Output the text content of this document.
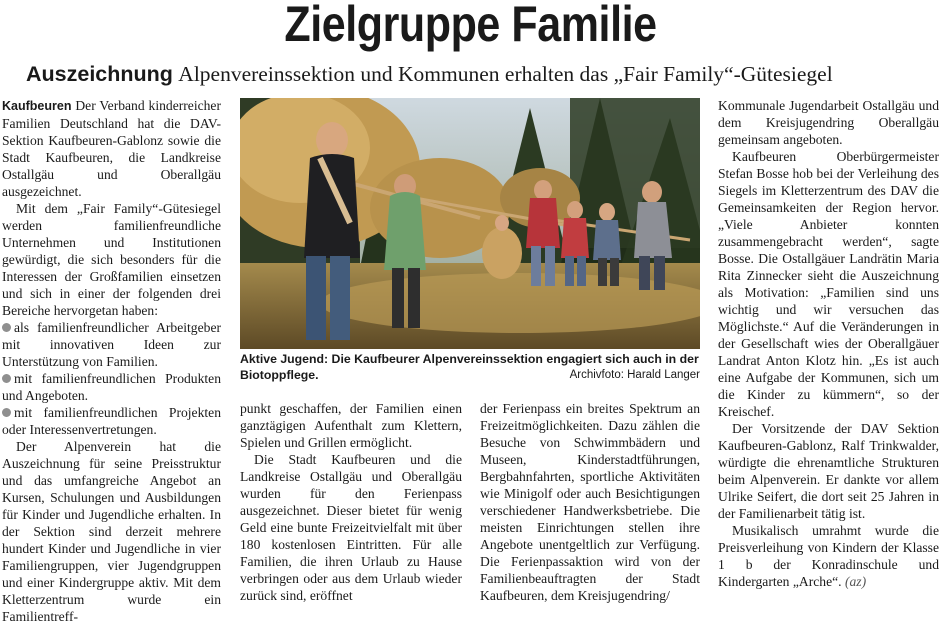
Zielgruppe Familie
Auszeichnung Alpenvereinssektion und Kommunen erhalten das „Fair Family“-Gütesiegel

Kaufbeuren Der Verband kinderreicher Familien Deutschland hat die DAV-Sektion Kaufbeuren-Gablonz sowie die Stadt Kaufbeuren, die Landkreise Ostallgäu und Oberallgäu ausgezeichnet.

Mit dem „Fair Family“-Gütesiegel werden familienfreundliche Unternehmen und Institutionen gewürdigt, die sich besonders für die Interessen der Großfamilien einsetzen und sich in einer der folgenden drei Bereiche hervorgetan haben:

als familienfreundlicher Arbeitgeber mit innovativen Ideen zur Unterstützung von Familien.

mit familienfreundlichen Produkten und Angeboten.

mit familienfreundlichen Projekten oder Interessenvertretungen.

Der Alpenverein hat die Auszeichnung für seine Preisstruktur und das umfangreiche Angebot an Kursen, Schulungen und Ausbildungen für Kinder und Jugendliche erhalten. In der Sektion sind derzeit mehrere hundert Kinder und Jugendliche in vier Familiengruppen, vier Jugendgruppen und einer Kindergruppe aktiv. Mit dem Kletterzentrum wurde ein Familientreff-

Aktive Jugend: Die Kaufbeurer Alpenvereinssektion engagiert sich auch in der Biotoppflege.	Archivfoto: Harald Langer

punkt geschaffen, der Familien einen ganztägigen Aufenthalt zum Klettern, Spielen und Grillen ermöglicht.

Die Stadt Kaufbeuren und die Landkreise Ostallgäu und Oberallgäu wurden für den Ferienpass ausgezeichnet. Dieser bietet für wenig Geld eine bunte Freizeitvielfalt mit über 180 kostenlosen Eintritten. Für alle Familien, die ihren Urlaub zu Hause verbringen oder aus dem Urlaub wieder zurück sind, eröffnet

der Ferienpass ein breites Spektrum an Freizeitmöglichkeiten. Dazu zählen die Besuche von Schwimmbädern und Museen, Kinderstadtführungen, Bergbahnfahrten, sportliche Aktivitäten wie Minigolf oder auch Besichtigungen verschiedener Handwerksbetriebe. Die meisten Einrichtungen stellen ihre Angebote unentgeltlich zur Verfügung. Die Ferienpassaktion wird von der Familienbeauftragten der Stadt Kaufbeuren, dem Kreisjugendring/

Kommunale Jugendarbeit Ostallgäu und dem Kreisjugendring Oberallgäu gemeinsam angeboten.

Kaufbeuren Oberbürgermeister Stefan Bosse hob bei der Verleihung des Siegels im Kletterzentrum des DAV die Gemeinsamkeiten der Region hervor. „Viele Anbieter konnten zusammengebracht werden“, sagte Bosse. Die Ostallgäuer Landrätin Maria Rita Zinnecker sieht die Auszeichnung als Motivation: „Familien sind uns wichtig und wir versuchen das Möglichste.“ Auf die Veränderungen in der Gesellschaft wies der Oberallgäuer Landrat Anton Klotz hin. „Es ist auch eine Aufgabe der Kommunen, sich um die Kinder zu kümmern“, so der Kreischef.

Der Vorsitzende der DAV Sektion Kaufbeuren-Gablonz, Ralf Trinkwalder, würdigte die ehrenamtliche Strukturen beim Alpenverein. Er dankte vor allem Ulrike Seifert, die dort seit 25 Jahren in der Familienarbeit tätig ist.

Musikalisch umrahmt wurde die Preisverleihung von Kindern der Klasse 1 b der Konradinschule und Kindergarten „Arche“. (az)
